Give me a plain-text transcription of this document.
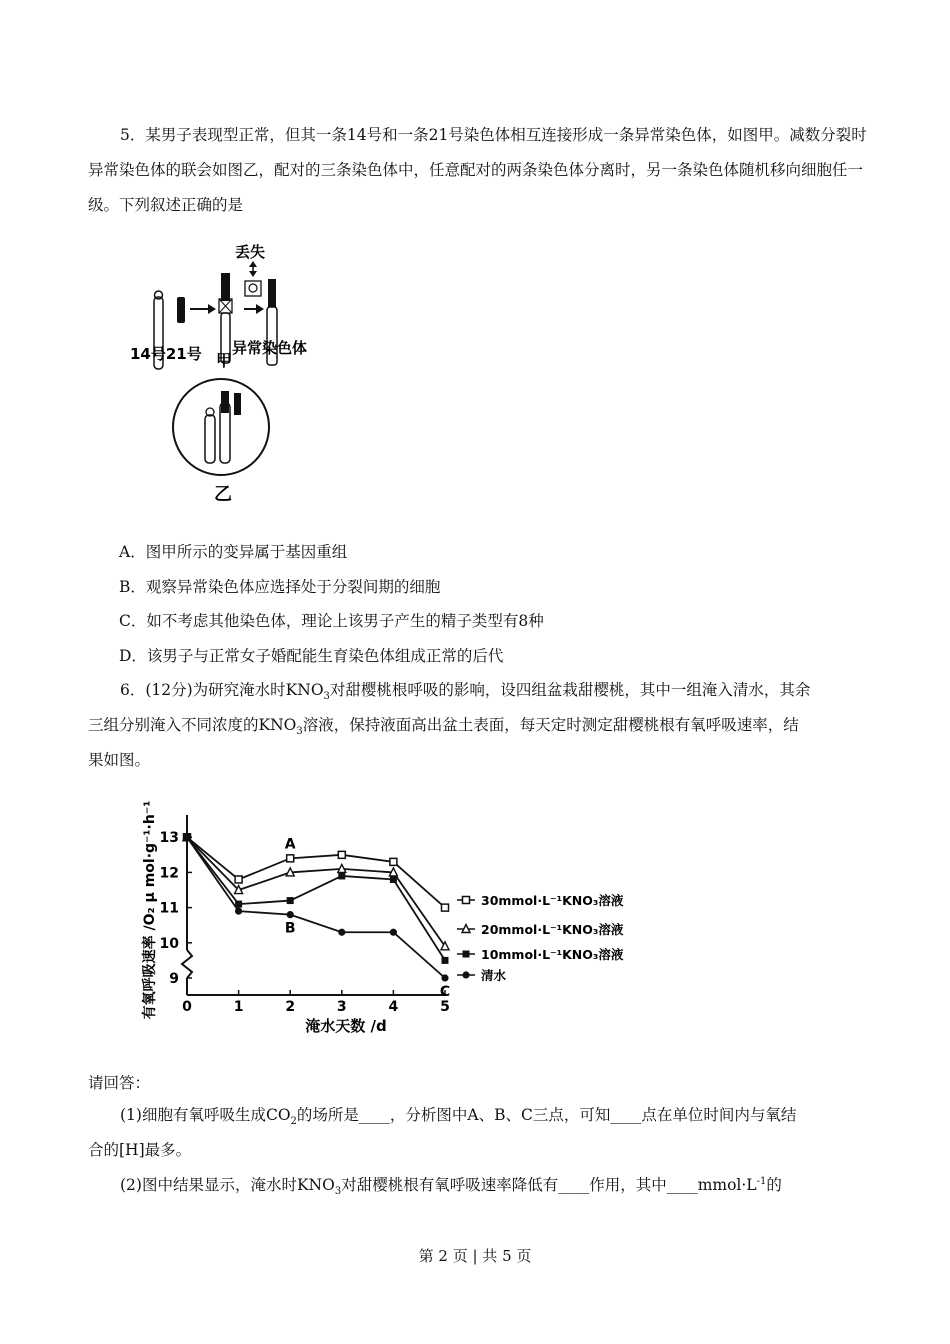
5．某男子表现型正常，但其一条14号和一条21号染色体相互连接形成一条异常染色体，如图甲。减数分裂时异常染色体的联会如图乙，配对的三条染色体中，任意配对的两条染色体分离时，另一条染色体随机移向细胞任一级。下列叙述正确的是

丢失
14号21号 甲
异常染色体
乙

A．图甲所示的变异属于基因重组

B．观察异常染色体应选择处于分裂间期的细胞

C．如不考虑其他染色体，理论上该男子产生的精子类型有8种

D．该男子与正常女子婚配能生育染色体组成正常的后代

6．(12分)为研究淹水时$KNO_3$对甜樱桃根呼吸的影响，设四组盆栽甜樱桃，其中一组淹入清水，其余

三组分别淹入不同浓度的$KNO_3$溶液，保持液面高出盆土表面，每天定时测定甜樱桃根有氧呼吸速率，结

果如图。

9
10
11
12
13
0	1	2	3	4	5
淹水天数 /d
有氧呼吸速率 /O₂ μ mol·g⁻¹·h⁻¹	30mmol·L⁻¹KNO₃溶液
20mmol·L⁻¹KNO₃溶液
10mmol·L⁻¹KNO₃溶液
清水
A
B
C

请回答：

(1)细胞有氧呼吸生成$CO_2$的场所是____，分析图中A、B、C三点，可知____点在单位时间内与氧结

合的[H]最多。

(2)图中结果显示，淹水时$KNO_3$对甜樱桃根有氧呼吸速率降低有____作用，其中$\_\_\_\_mmol\cdot L^{-1}$的

第 2 页 | 共 5 页
